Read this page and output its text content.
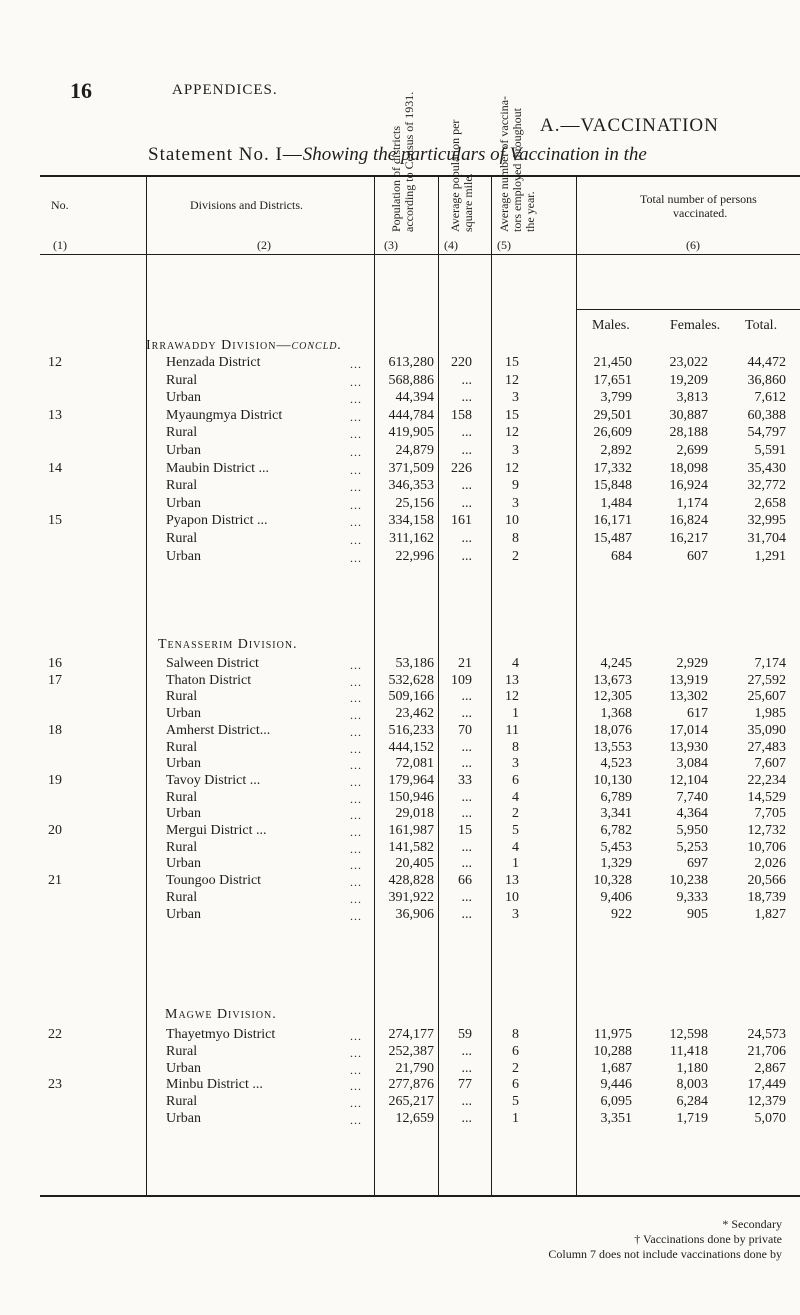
16	APPENDICES.
A.—VACCINATION
Statement No. I—Showing the particulars of Vaccination in the
No.
(1)
Divisions and Districts.
(2)
Population of districts according to Census of 1931.
(3)
Average population per square mile.
(4)
Average number of vaccina- tors employed throughout the year.
(5)
Total number of persons
vaccinated.
(6)
Males.	Females. Total.
Irrawaddy Division—concld.
Tenasserim Division.
Magwe Division.
12	Henzada District	...	613,280	220	15	21,450	23,022	44,472
Rural	...	568,886	...	12	17,651	19,209	36,860
Urban	...	44,394	...	3	3,799	3,813	7,612
13	Myaungmya District	...	444,784	158	15	29,501	30,887	60,388
Rural	...	419,905	...	12	26,609	28,188	54,797
Urban	...	24,879	...	3	2,892	2,699	5,591
14	Maubin District ...	...	371,509	226	12	17,332	18,098	35,430
Rural	...	346,353	...	9	15,848	16,924	32,772
Urban	...	25,156	...	3	1,484	1,174	2,658
15	Pyapon District ...	...	334,158	161	10	16,171	16,824	32,995
Rural	...	311,162	...	8	15,487	16,217	31,704
Urban	...	22,996	...	2	684	607	1,291
16	Salween District	...	53,186	21	4	4,245	2,929	7,174
17	Thaton District	...	532,628	109	13	13,673	13,919	27,592
Rural	...	509,166	...	12	12,305	13,302	25,607
Urban	...	23,462	...	1	1,368	617	1,985
18	Amherst District...	...	516,233	70	11	18,076	17,014	35,090
Rural	...	444,152	...	8	13,553	13,930	27,483
Urban	...	72,081	...	3	4,523	3,084	7,607
19	Tavoy District ...	...	179,964	33	6	10,130	12,104	22,234
Rural	...	150,946	...	4	6,789	7,740	14,529
Urban	...	29,018	...	2	3,341	4,364	7,705
20	Mergui District ...	...	161,987	15	5	6,782	5,950	12,732
Rural	...	141,582	...	4	5,453	5,253	10,706
Urban	...	20,405	...	1	1,329	697	2,026
21	Toungoo District	...	428,828	66	13	10,328	10,238	20,566
Rural	...	391,922	...	10	9,406	9,333	18,739
Urban	...	36,906	...	3	922	905	1,827
22	Thayetmyo District	...	274,177	59	8	11,975	12,598	24,573
Rural	...	252,387	...	6	10,288	11,418	21,706
Urban	...	21,790	...	2	1,687	1,180	2,867
23	Minbu District ...	...	277,876	77	6	9,446	8,003	17,449
Rural	...	265,217	...	5	6,095	6,284	12,379
Urban	...	12,659	...	1	3,351	1,719	5,070
* Secondary
† Vaccinations done by private
Column 7 does not include vaccinations done by
